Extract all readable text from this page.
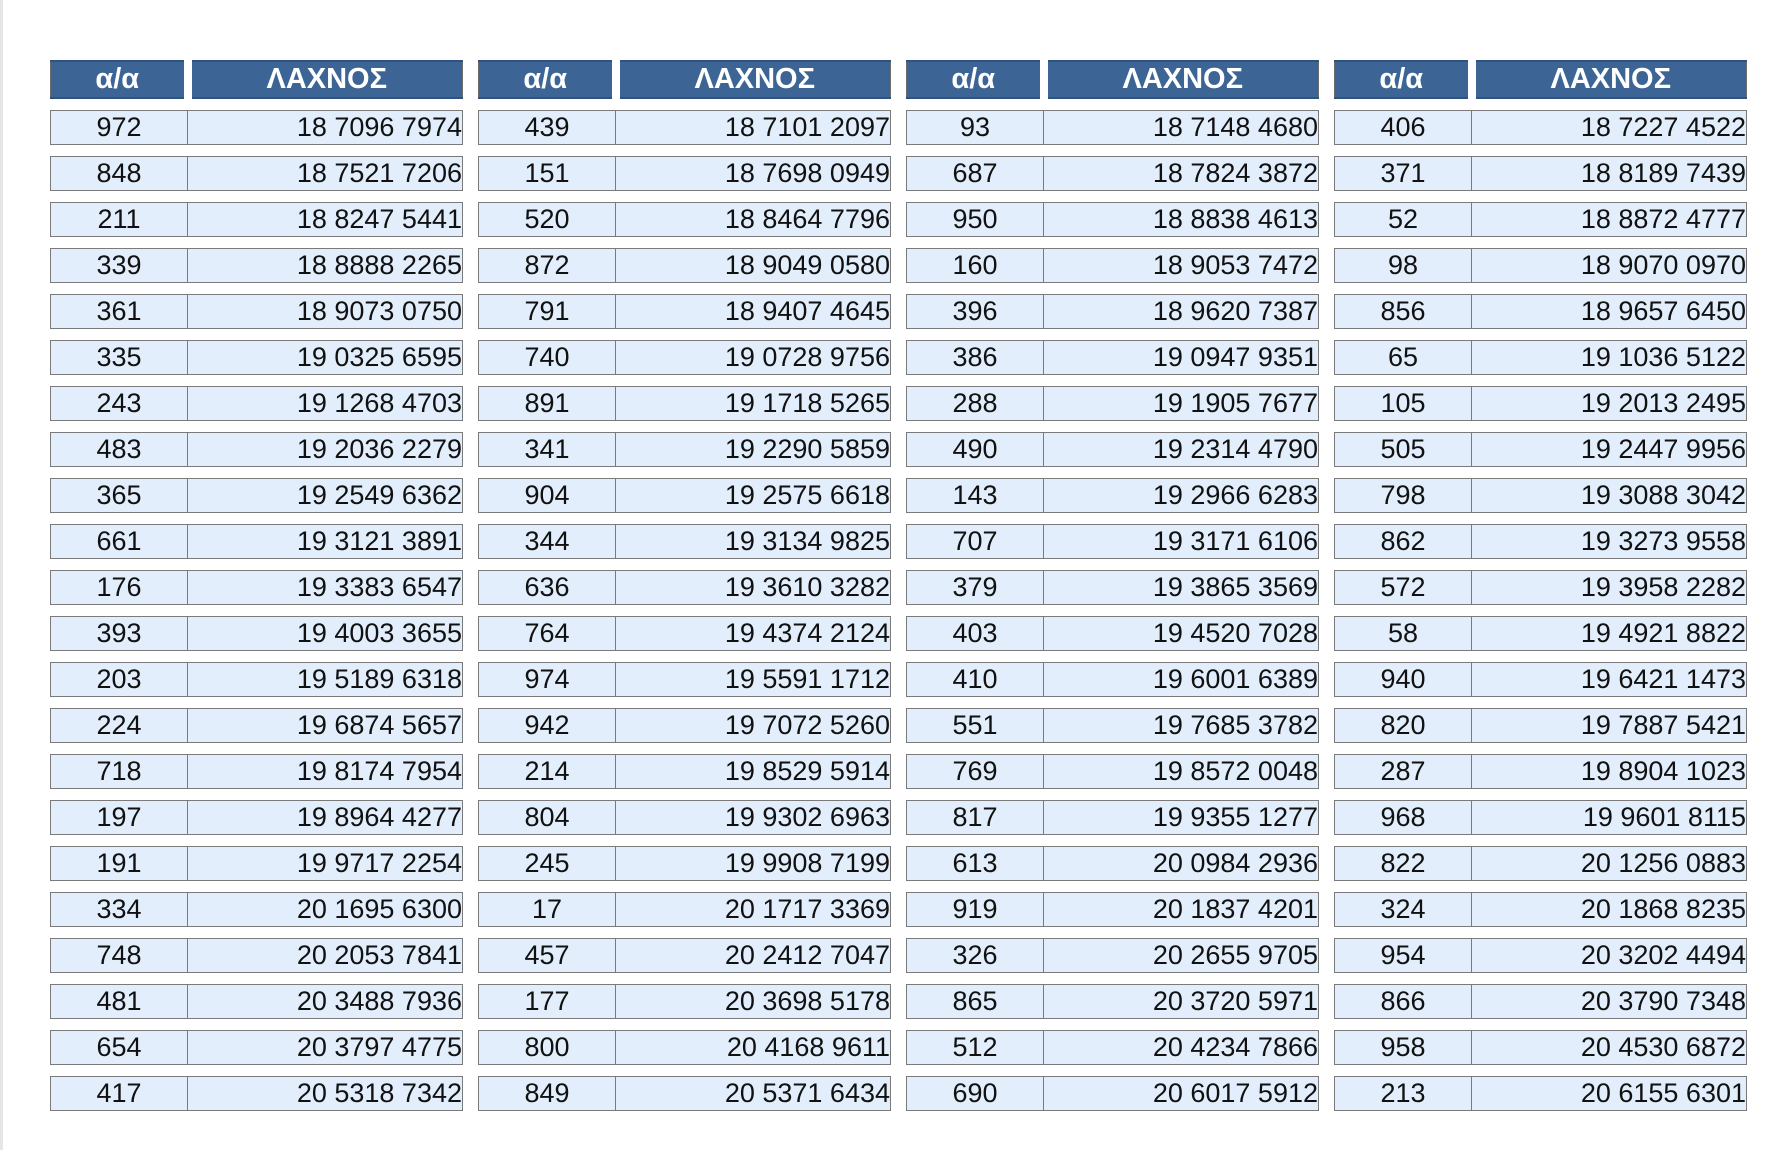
α/α	ΛΑΧΝΟΣ		α/α	ΛΑΧΝΟΣ		α/α	ΛΑΧΝΟΣ		α/α	ΛΑΧΝΟΣ

972	18 7096 7974		439	18 7101 2097		93	18 7148 4680		406	18 7227 4522

848	18 7521 7206		151	18 7698 0949		687	18 7824 3872		371	18 8189 7439

211	18 8247 5441		520	18 8464 7796		950	18 8838 4613		52	18 8872 4777

339	18 8888 2265		872	18 9049 0580		160	18 9053 7472		98	18 9070 0970

361	18 9073 0750		791	18 9407 4645		396	18 9620 7387		856	18 9657 6450

335	19 0325 6595		740	19 0728 9756		386	19 0947 9351		65	19 1036 5122

243	19 1268 4703		891	19 1718 5265		288	19 1905 7677		105	19 2013 2495

483	19 2036 2279		341	19 2290 5859		490	19 2314 4790		505	19 2447 9956

365	19 2549 6362		904	19 2575 6618		143	19 2966 6283		798	19 3088 3042

661	19 3121 3891		344	19 3134 9825		707	19 3171 6106		862	19 3273 9558

176	19 3383 6547		636	19 3610 3282		379	19 3865 3569		572	19 3958 2282

393	19 4003 3655		764	19 4374 2124		403	19 4520 7028		58	19 4921 8822

203	19 5189 6318		974	19 5591 1712		410	19 6001 6389		940	19 6421 1473

224	19 6874 5657		942	19 7072 5260		551	19 7685 3782		820	19 7887 5421

718	19 8174 7954		214	19 8529 5914		769	19 8572 0048		287	19 8904 1023

197	19 8964 4277		804	19 9302 6963		817	19 9355 1277		968	19 9601 8115

191	19 9717 2254		245	19 9908 7199		613	20 0984 2936		822	20 1256 0883

334	20 1695 6300		17	20 1717 3369		919	20 1837 4201		324	20 1868 8235

748	20 2053 7841		457	20 2412 7047		326	20 2655 9705		954	20 3202 4494

481	20 3488 7936		177	20 3698 5178		865	20 3720 5971		866	20 3790 7348

654	20 3797 4775		800	20 4168 9611		512	20 4234 7866		958	20 4530 6872

417	20 5318 7342		849	20 5371 6434		690	20 6017 5912		213	20 6155 6301
